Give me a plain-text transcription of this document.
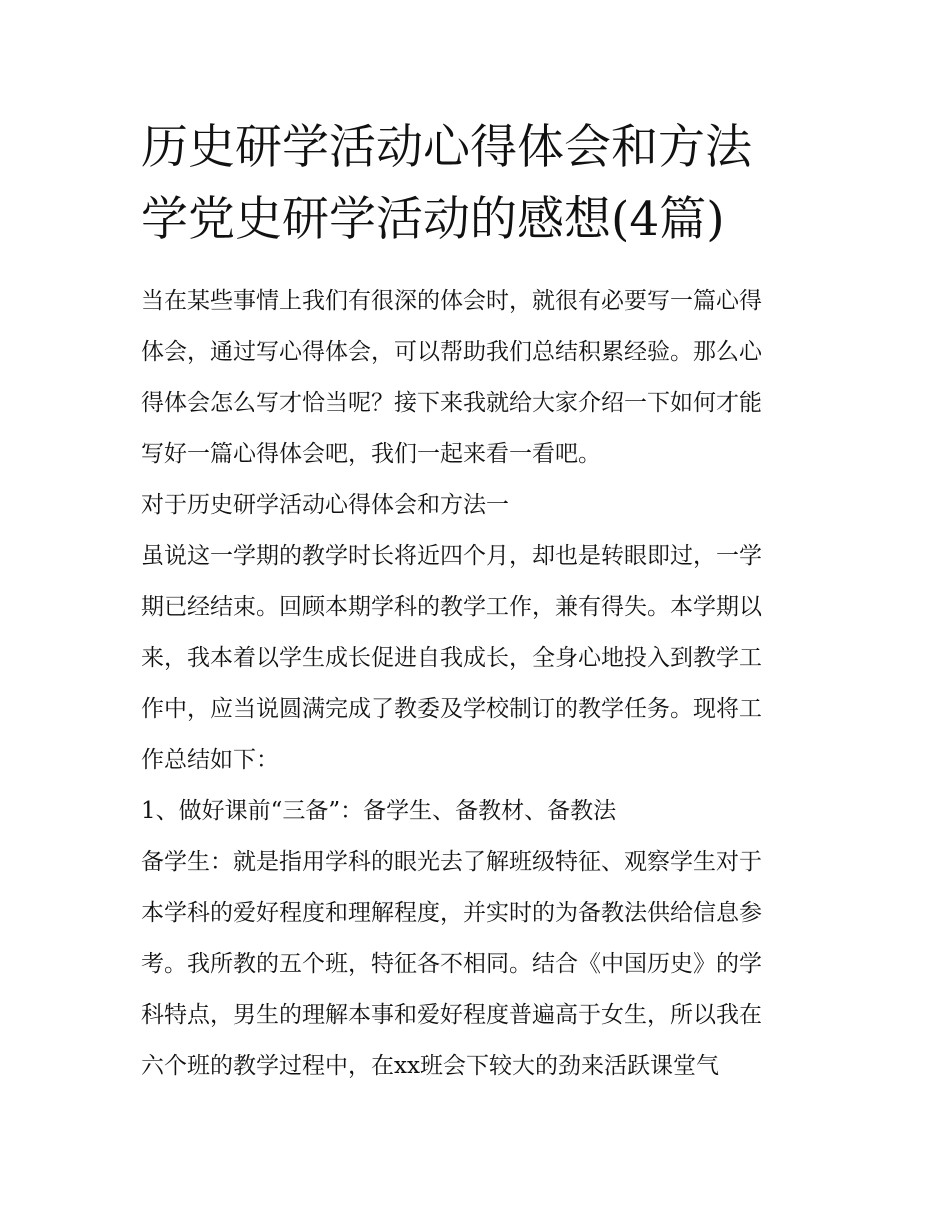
历史研学活动心得体会和方法
学党史研学活动的感想(4篇)
当在某些事情上我们有很深的体会时，就很有必要写一篇心得
体会，通过写心得体会，可以帮助我们总结积累经验。那么心
得体会怎么写才恰当呢？接下来我就给大家介绍一下如何才能
写好一篇心得体会吧，我们一起来看一看吧。
对于历史研学活动心得体会和方法一
虽说这一学期的教学时长将近四个月，却也是转眼即过，一学
期已经结束。回顾本期学科的教学工作，兼有得失。本学期以
来，我本着以学生成长促进自我成长，全身心地投入到教学工
作中，应当说圆满完成了教委及学校制订的教学任务。现将工
作总结如下：
1、做好课前“三备”：备学生、备教材、备教法
备学生：就是指用学科的眼光去了解班级特征、观察学生对于
本学科的爱好程度和理解程度，并实时的为备教法供给信息参
考。我所教的五个班，特征各不相同。结合《中国历史》的学
科特点，男生的理解本事和爱好程度普遍高于女生，所以我在
六个班的教学过程中，在xx班会下较大的劲来活跃课堂气
